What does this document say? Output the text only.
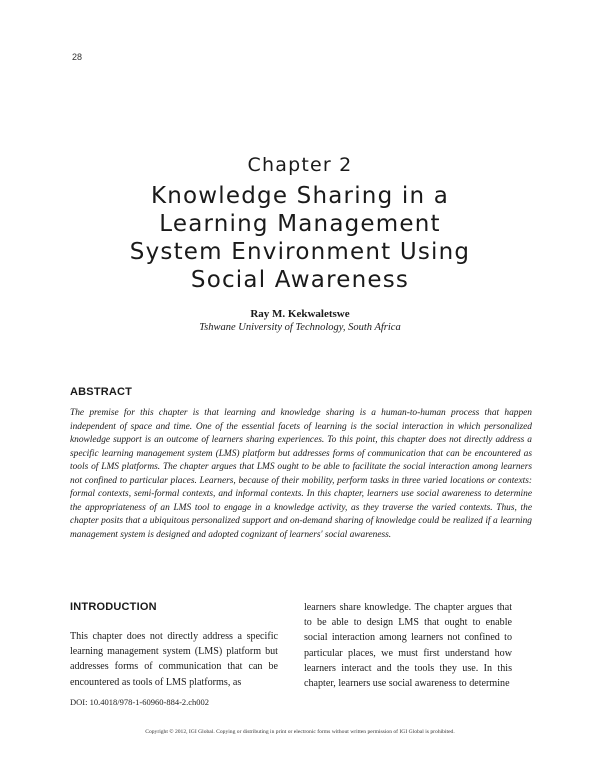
28
Chapter 2
Knowledge Sharing in a
Learning Management
System Environment Using
Social Awareness

Ray M. Kekwaletswe

Tshwane University of Technology, South Africa

ABSTRACT

The premise for this chapter is that learning and knowledge sharing is a human-to-human process that happen independent of space and time. One of the essential facets of learning is the social interaction in which personalized knowledge support is an outcome of learners sharing experiences. To this point, this chapter does not directly address a specific learning management system (LMS) platform but addresses forms of communication that can be encountered as tools of LMS platforms. The chapter argues that LMS ought to be able to facilitate the social interaction among learners not confined to particular places. Learners, because of their mobility, perform tasks in three varied locations or contexts: formal contexts, semi-formal contexts, and informal contexts. In this chapter, learners use social awareness to determine the appropriateness of an LMS tool to engage in a knowledge activity, as they traverse the varied contexts. Thus, the chapter posits that a ubiquitous personalized support and on-demand sharing of knowledge could be realized if a learning management system is designed and adopted cognizant of learners' social awareness.

INTRODUCTION

This chapter does not directly address a specific learning management system (LMS) platform but addresses forms of communication that can be encountered as tools of LMS platforms, as

learners share knowledge. The chapter argues that to be able to design LMS that ought to enable social interaction among learners not confined to particular places, we must first understand how learners interact and the tools they use. In this chapter, learners use social awareness to determine

DOI: 10.4018/978-1-60960-884-2.ch002
Copyright © 2012, IGI Global. Copying or distributing in print or electronic forms without written permission of IGI Global is prohibited.
